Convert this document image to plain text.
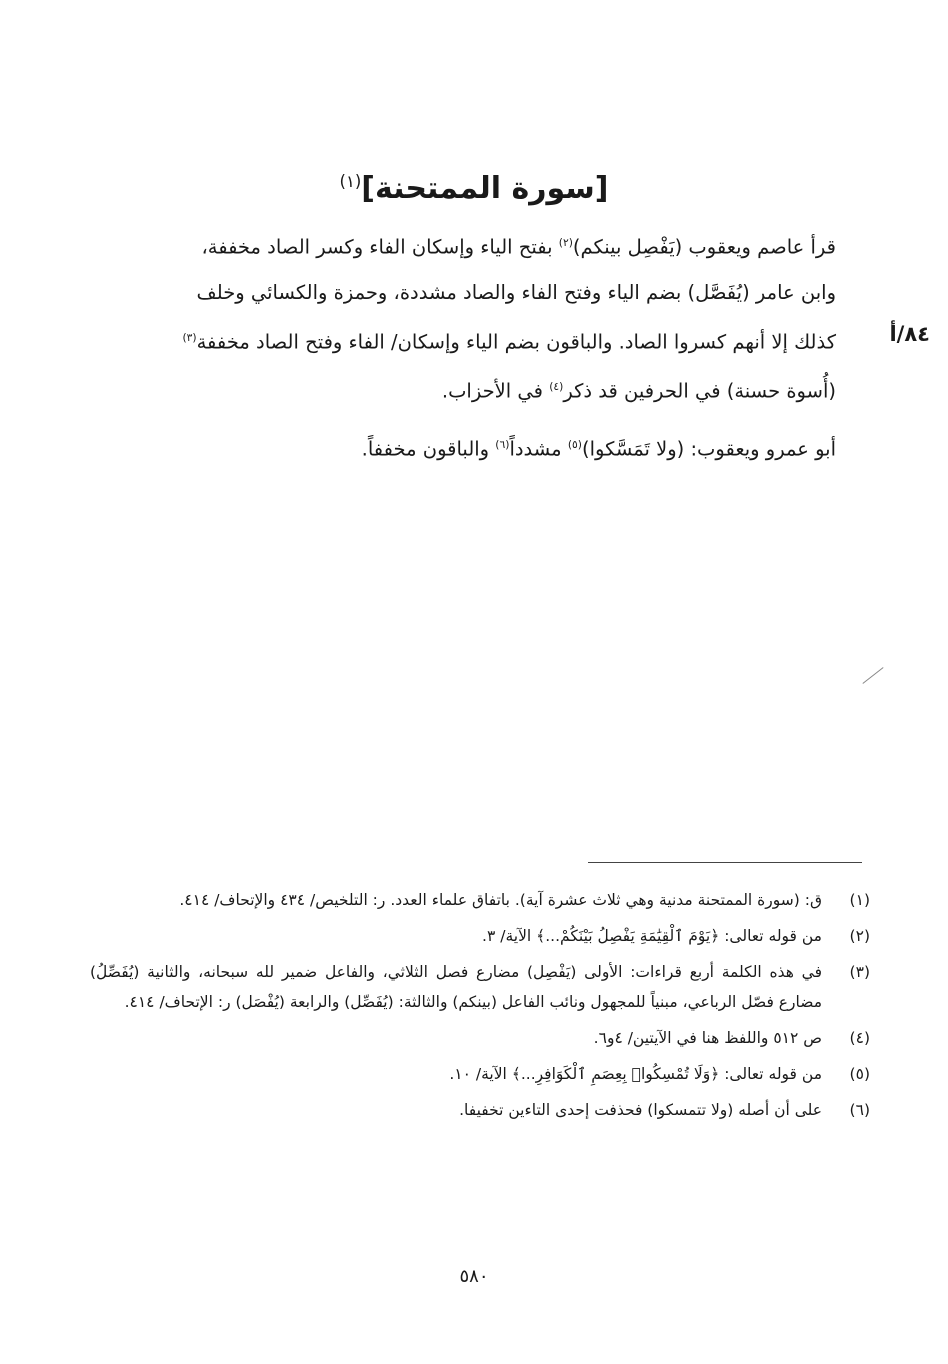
[سورة الممتحنة]$^{(١)}$
٨٤/أ

قرأ عاصم ويعقوب (يَفْصِل بينكم)$^{(٢)}$ بفتح الياء وإسكان الفاء وكسر الصاد مخففة،

وابن عامر (يُفَصَّل) بضم الياء وفتح الفاء والصاد مشددة، وحمزة والكسائي وخلف

كذلك إلا أنهم كسروا الصاد. والباقون بضم الياء وإسكان/ الفاء وفتح الصاد مخففة$^{(٣)}$

(أُسوة حسنة) في الحرفين قد ذكر$^{(٤)}$ في الأحزاب.

أبو عمرو ويعقوب: (ولا تَمَسَّكوا)$^{(٥)}$ مشدداً$^{(٦)}$ والباقون مخففاً.

(١)
ق: (سورة الممتحنة مدنية وهي ثلاث عشرة آية). باتفاق علماء العدد. ر: التلخيص/ ٤٣٤ والإتحاف/ ٤١٤.
(٢)
من قوله تعالى: ﴿يَوْمَ ٱلْقِيَٰمَةِ يَفْصِلُ بَيْنَكُمْ...﴾ الآية/ ٣.
(٣)
في هذه الكلمة أربع قراءات: الأولى (يَفْصِل) مضارع فصل الثلاثي، والفاعل ضمير لله سبحانه، والثانية (يُفَصِّلُ) مضارع فصّل الرباعي، مبنياً للمجهول ونائب الفاعل (بينكم) والثالثة: (يُفَصِّل) والرابعة (يُفْصَل) ر: الإتحاف/ ٤١٤.
(٤)
ص ٥١٢ واللفظ هنا في الآيتين/ ٤و٦.
(٥)
من قوله تعالى: ﴿وَلَا تُمْسِكُوا۟ بِعِصَمِ ٱلْكَوَافِرِ...﴾ الآية/ ١٠.
(٦)
على أن أصله (ولا تتمسكوا) فحذفت إحدى التاءين تخفيفا.
٥٨٠
